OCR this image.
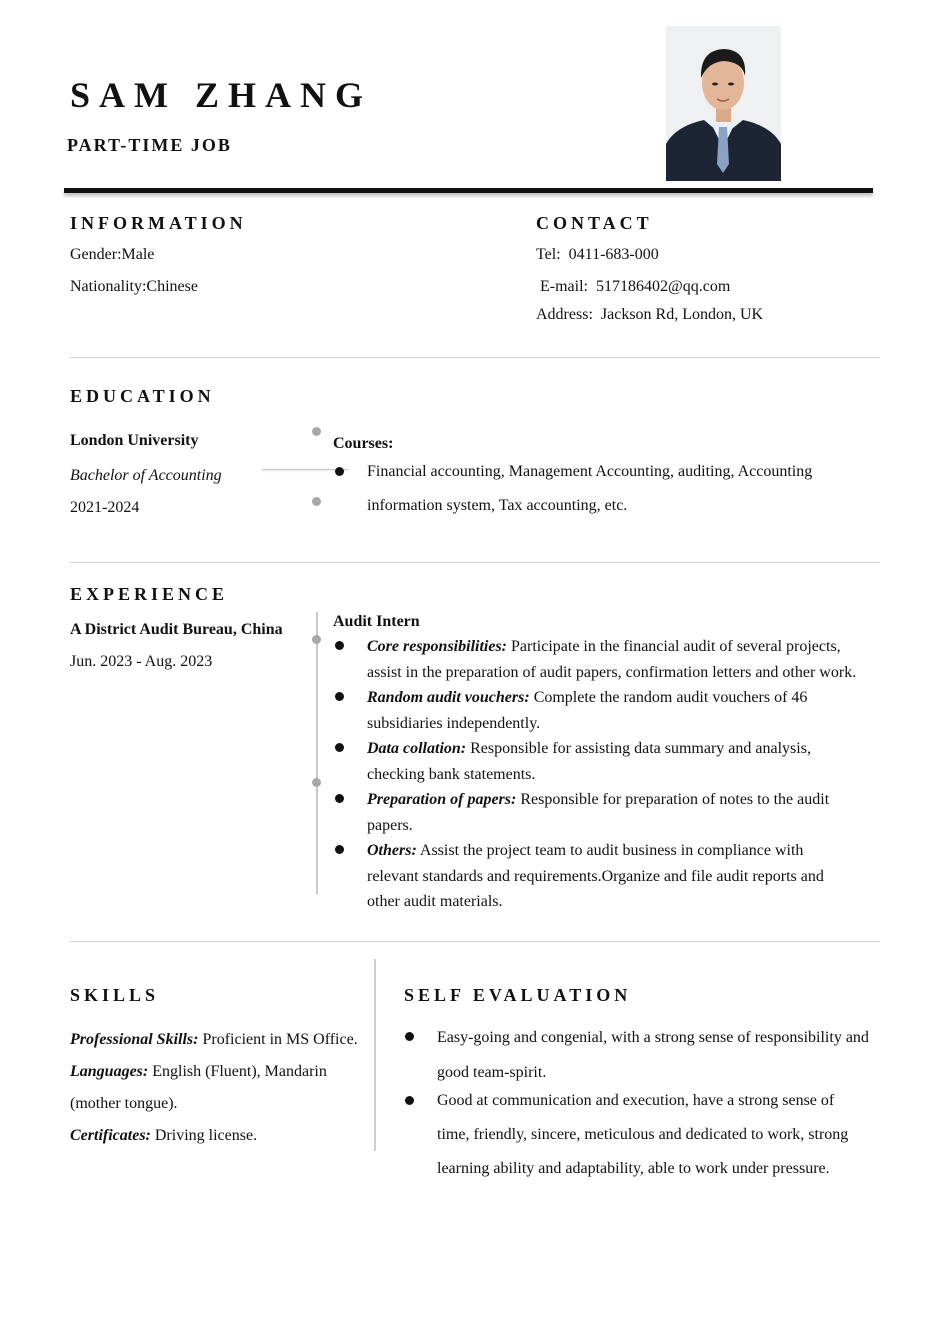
SAM ZHANG
PART-TIME JOB
INFORMATION
Gender:Male
Nationality:Chinese
CONTACT
Tel: 0411-683-000
E-mail: 517186402@qq.com
Address: Jackson Rd, London, UK
EDUCATION
London University
Bachelor of Accounting
2021-2024
Courses:
Financial accounting, Management Accounting, auditing, Accounting
information system, Tax accounting, etc.
EXPERIENCE
A District Audit Bureau, China
Jun. 2023 - Aug. 2023
Audit Intern
Core responsibilities: Participate in the financial audit of several projects,
assist in the preparation of audit papers, confirmation letters and other work.
Random audit vouchers: Complete the random audit vouchers of 46
subsidiaries independently.
Data collation: Responsible for assisting data summary and analysis,
checking bank statements.
Preparation of papers: Responsible for preparation of notes to the audit
papers.
Others: Assist the project team to audit business in compliance with
relevant standards and requirements.Organize and file audit reports and
other audit materials.
SKILLS
Professional Skills: Proficient in MS Office.
Languages: English (Fluent), Mandarin
(mother tongue).
Certificates: Driving license.
SELF EVALUATION
Easy-going and congenial, with a strong sense of responsibility and
good team-spirit.
Good at communication and execution, have a strong sense of
time, friendly, sincere, meticulous and dedicated to work, strong
learning ability and adaptability, able to work under pressure.
